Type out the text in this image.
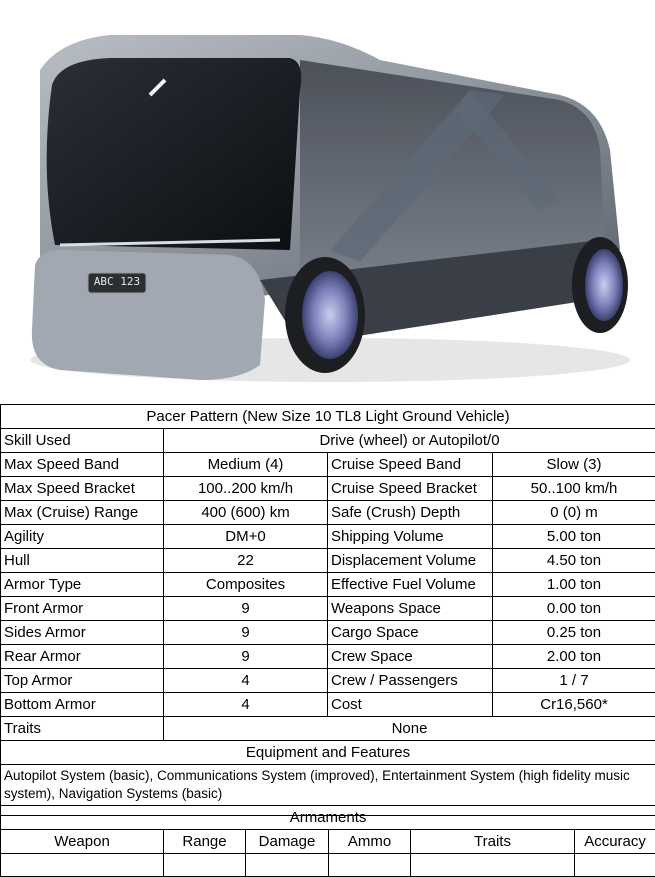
ABC 123
Pacer Pattern (New Size 10 TL8 Light Ground Vehicle)			
Skill Used	Drive (wheel) or Autopilot/0		
Max Speed Band	Medium (4)	Cruise Speed Band	Slow (3)
Max Speed Bracket	100..200 km/h	Cruise Speed Bracket	50..100 km/h
Max (Cruise) Range	400 (600) km	Safe (Crush) Depth	0 (0) m
Agility	DM+0	Shipping Volume	5.00 ton
Hull	22	Displacement Volume	4.50 ton
Armor Type	Composites	Effective Fuel Volume	1.00 ton
Front Armor	9	Weapons Space	0.00 ton
Sides Armor	9	Cargo Space	0.25 ton
Rear Armor	9	Crew Space	2.00 ton
Top Armor	4	Crew / Passengers	1 / 7
Bottom Armor	4	Cost	Cr16,560*
Traits	None		
Equipment and Features			
Autopilot System (basic), Communications System (improved), Entertainment System (high fidelity music system), Navigation Systems (basic)			
Armaments					
Weapon	Range	Damage	Ammo	Traits	Accuracy
